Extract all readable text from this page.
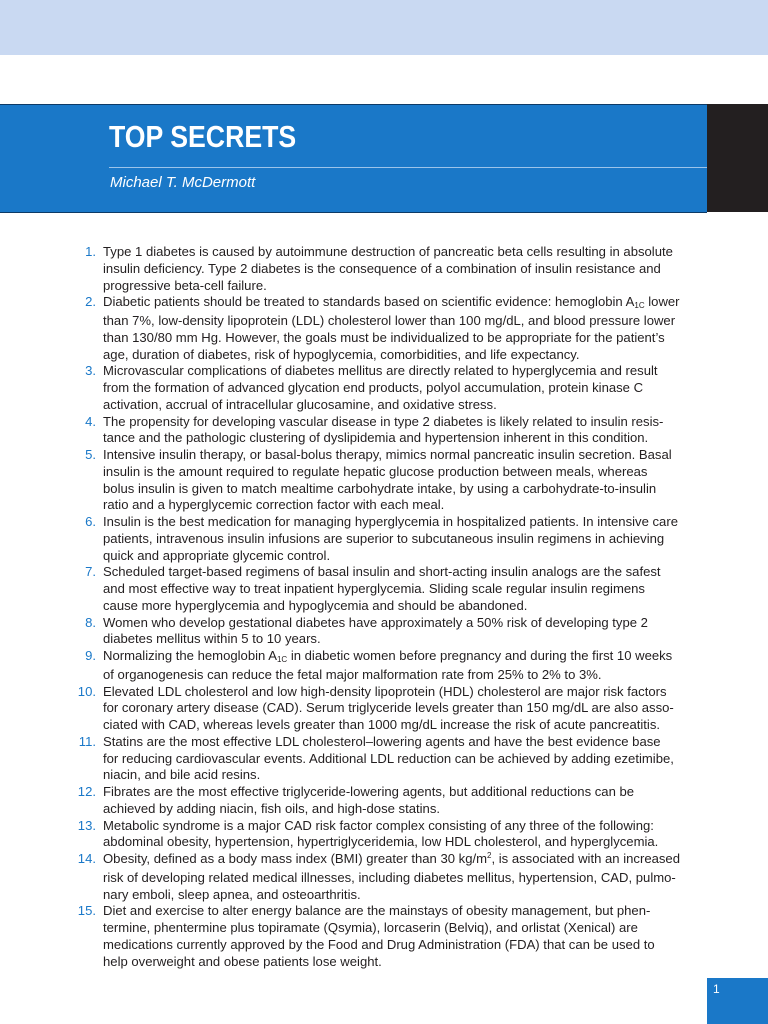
TOP SECRETS
Michael T. McDermott
1. Type 1 diabetes is caused by autoimmune destruction of pancreatic beta cells resulting in absolute
insulin deficiency. Type 2 diabetes is the consequence of a combination of insulin resistance and
progressive beta-cell failure.
2. Diabetic patients should be treated to standards based on scientific evidence: hemoglobin $A_{1C}$ lower
than 7%, low-density lipoprotein (LDL) cholesterol lower than 100 mg/dL, and blood pressure lower
than 130/80 mm Hg. However, the goals must be individualized to be appropriate for the patient’s
age, duration of diabetes, risk of hypoglycemia, comorbidities, and life expectancy.
3. Microvascular complications of diabetes mellitus are directly related to hyperglycemia and result
from the formation of advanced glycation end products, polyol accumulation, protein kinase C
activation, accrual of intracellular glucosamine, and oxidative stress.
4. The propensity for developing vascular disease in type 2 diabetes is likely related to insulin resis-
tance and the pathologic clustering of dyslipidemia and hypertension inherent in this condition.
5. Intensive insulin therapy, or basal-bolus therapy, mimics normal pancreatic insulin secretion. Basal
insulin is the amount required to regulate hepatic glucose production between meals, whereas
bolus insulin is given to match mealtime carbohydrate intake, by using a carbohydrate-to-insulin
ratio and a hyperglycemic correction factor with each meal.
6. Insulin is the best medication for managing hyperglycemia in hospitalized patients. In intensive care
patients, intravenous insulin infusions are superior to subcutaneous insulin regimens in achieving
quick and appropriate glycemic control.
7. Scheduled target-based regimens of basal insulin and short-acting insulin analogs are the safest
and most effective way to treat inpatient hyperglycemia. Sliding scale regular insulin regimens
cause more hyperglycemia and hypoglycemia and should be abandoned.
8. Women who develop gestational diabetes have approximately a 50% risk of developing type 2
diabetes mellitus within 5 to 10 years.
9. Normalizing the hemoglobin $A_{1C}$ in diabetic women before pregnancy and during the first 10 weeks
of organogenesis can reduce the fetal major malformation rate from 25% to 2% to 3%.
10. Elevated LDL cholesterol and low high-density lipoprotein (HDL) cholesterol are major risk factors
for coronary artery disease (CAD). Serum triglyceride levels greater than 150 mg/dL are also asso-
ciated with CAD, whereas levels greater than 1000 mg/dL increase the risk of acute pancreatitis.
11. Statins are the most effective LDL cholesterol–lowering agents and have the best evidence base
for reducing cardiovascular events. Additional LDL reduction can be achieved by adding ezetimibe,
niacin, and bile acid resins.
12. Fibrates are the most effective triglyceride-lowering agents, but additional reductions can be
achieved by adding niacin, fish oils, and high-dose statins.
13. Metabolic syndrome is a major CAD risk factor complex consisting of any three of the following:
abdominal obesity, hypertension, hypertriglyceridemia, low HDL cholesterol, and hyperglycemia.
14. Obesity, defined as a body mass index (BMI) greater than 30 $kg/m^2$, is associated with an increased
risk of developing related medical illnesses, including diabetes mellitus, hypertension, CAD, pulmo-
nary emboli, sleep apnea, and osteoarthritis.
15. Diet and exercise to alter energy balance are the mainstays of obesity management, but phen-
termine, phentermine plus topiramate (Qsymia), lorcaserin (Belviq), and orlistat (Xenical) are
medications currently approved by the Food and Drug Administration (FDA) that can be used to
help overweight and obese patients lose weight.
1
